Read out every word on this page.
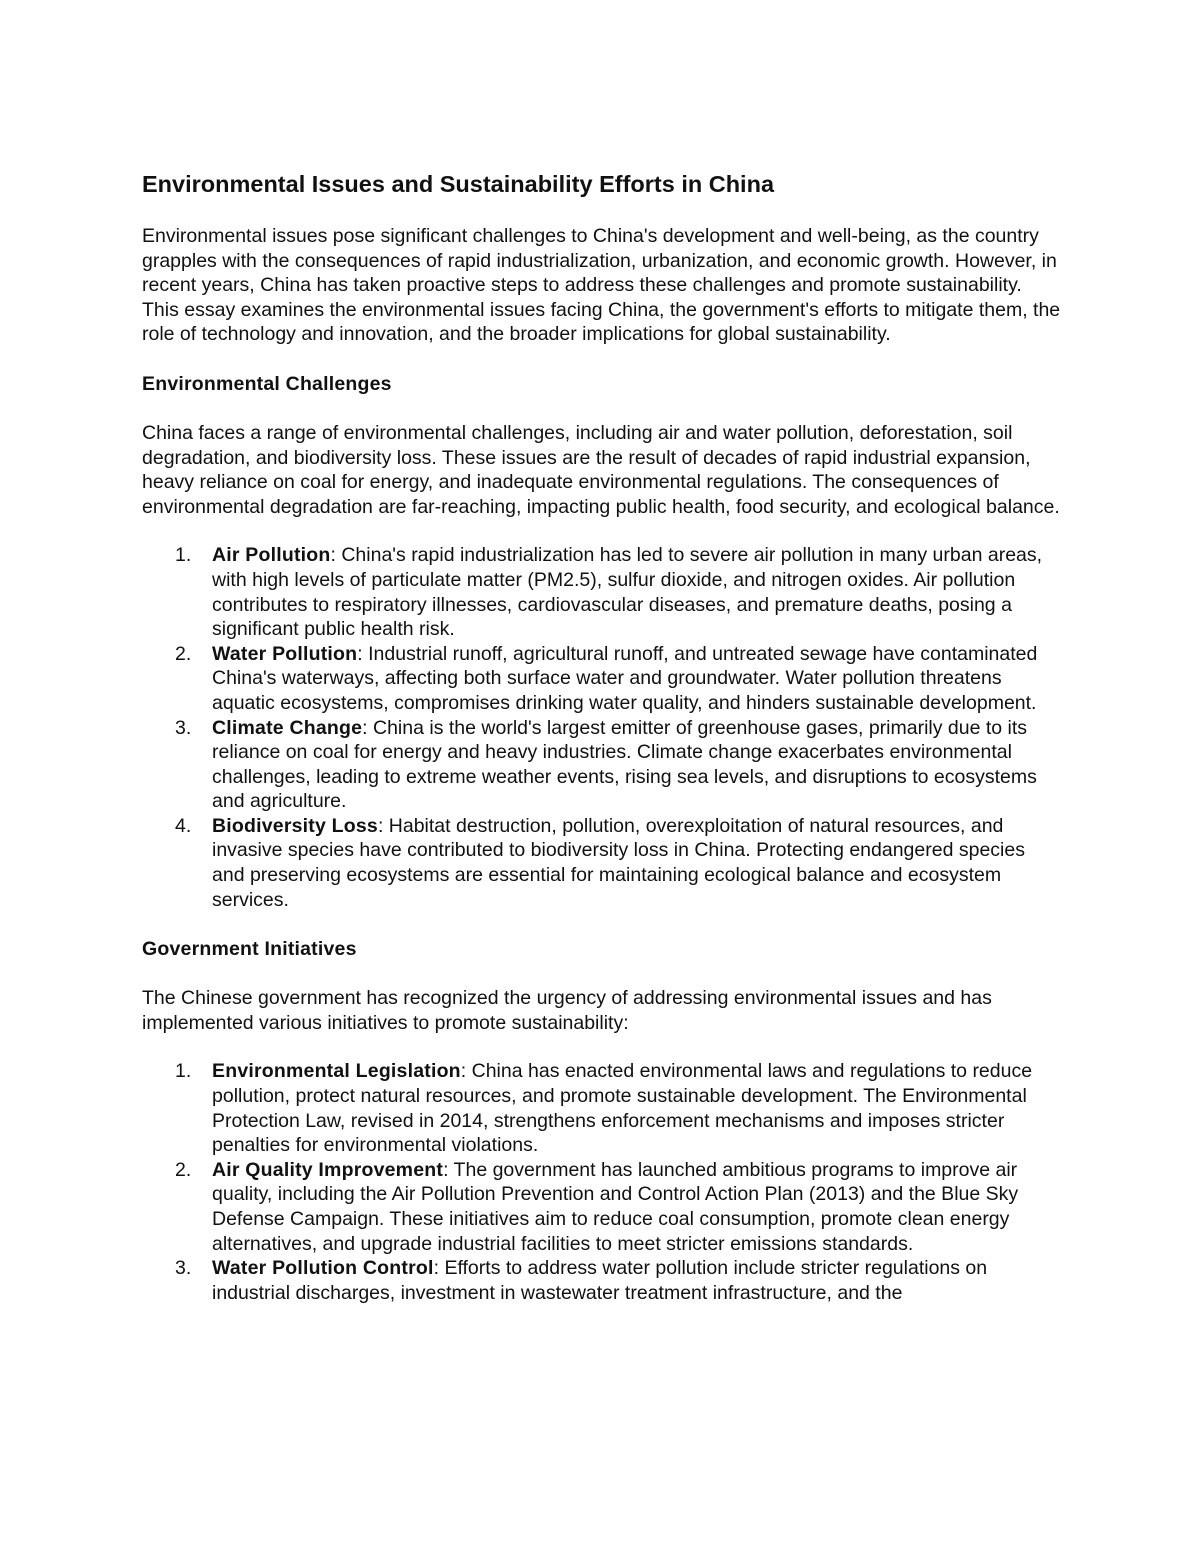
Environmental Issues and Sustainability Efforts in China

Environmental issues pose significant challenges to China's development and well-being, as the country grapples with the consequences of rapid industrialization, urbanization, and economic growth. However, in recent years, China has taken proactive steps to address these challenges and promote sustainability. This essay examines the environmental issues facing China, the government's efforts to mitigate them, the role of technology and innovation, and the broader implications for global sustainability.

Environmental Challenges

China faces a range of environmental challenges, including air and water pollution, deforestation, soil degradation, and biodiversity loss. These issues are the result of decades of rapid industrial expansion, heavy reliance on coal for energy, and inadequate environmental regulations. The consequences of environmental degradation are far-reaching, impacting public health, food security, and ecological balance.

1. Air Pollution: China's rapid industrialization has led to severe air pollution in many urban areas, with high levels of particulate matter (PM2.5), sulfur dioxide, and nitrogen oxides. Air pollution contributes to respiratory illnesses, cardiovascular diseases, and premature deaths, posing a significant public health risk.
2. Water Pollution: Industrial runoff, agricultural runoff, and untreated sewage have contaminated China's waterways, affecting both surface water and groundwater. Water pollution threatens aquatic ecosystems, compromises drinking water quality, and hinders sustainable development.
3. Climate Change: China is the world's largest emitter of greenhouse gases, primarily due to its reliance on coal for energy and heavy industries. Climate change exacerbates environmental challenges, leading to extreme weather events, rising sea levels, and disruptions to ecosystems and agriculture.
4. Biodiversity Loss: Habitat destruction, pollution, overexploitation of natural resources, and invasive species have contributed to biodiversity loss in China. Protecting endangered species and preserving ecosystems are essential for maintaining ecological balance and ecosystem services.
Government Initiatives

The Chinese government has recognized the urgency of addressing environmental issues and has implemented various initiatives to promote sustainability:

1. Environmental Legislation: China has enacted environmental laws and regulations to reduce pollution, protect natural resources, and promote sustainable development. The Environmental Protection Law, revised in 2014, strengthens enforcement mechanisms and imposes stricter penalties for environmental violations.
2. Air Quality Improvement: The government has launched ambitious programs to improve air quality, including the Air Pollution Prevention and Control Action Plan (2013) and the Blue Sky Defense Campaign. These initiatives aim to reduce coal consumption, promote clean energy alternatives, and upgrade industrial facilities to meet stricter emissions standards.
3. Water Pollution Control: Efforts to address water pollution include stricter regulations on industrial discharges, investment in wastewater treatment infrastructure, and the
